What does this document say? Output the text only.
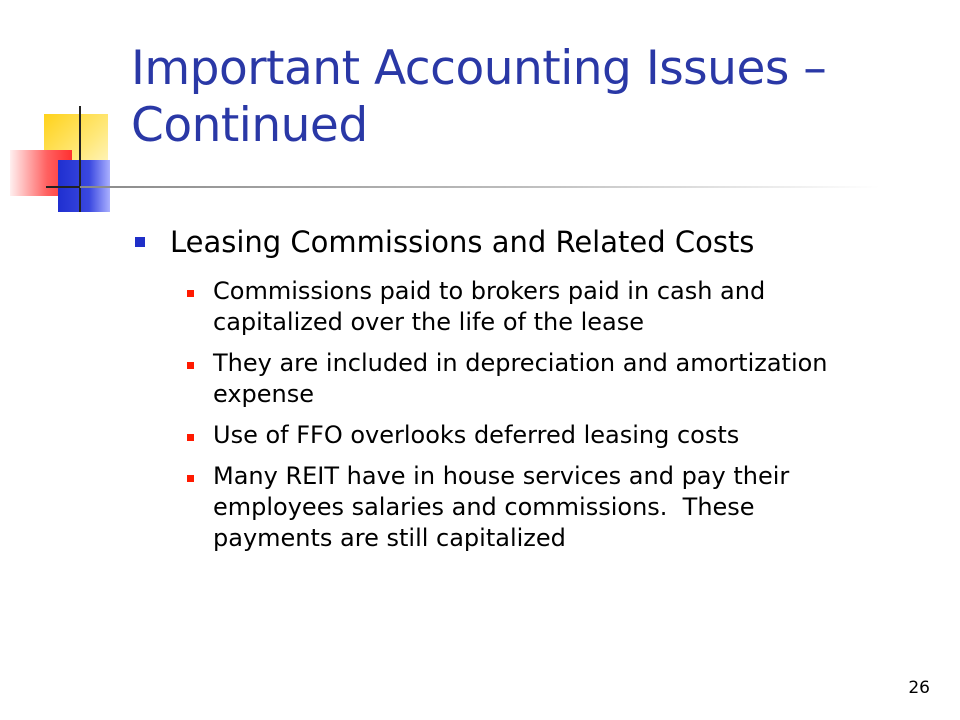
Important Accounting Issues –
Continued
Leasing Commissions and Related Costs
Commissions paid to brokers paid in cash and
capitalized over the life of the lease
They are included in depreciation and amortization
expense
Use of FFO overlooks deferred leasing costs
Many REIT have in house services and pay their
employees salaries and commissions.  These
payments are still capitalized
26
